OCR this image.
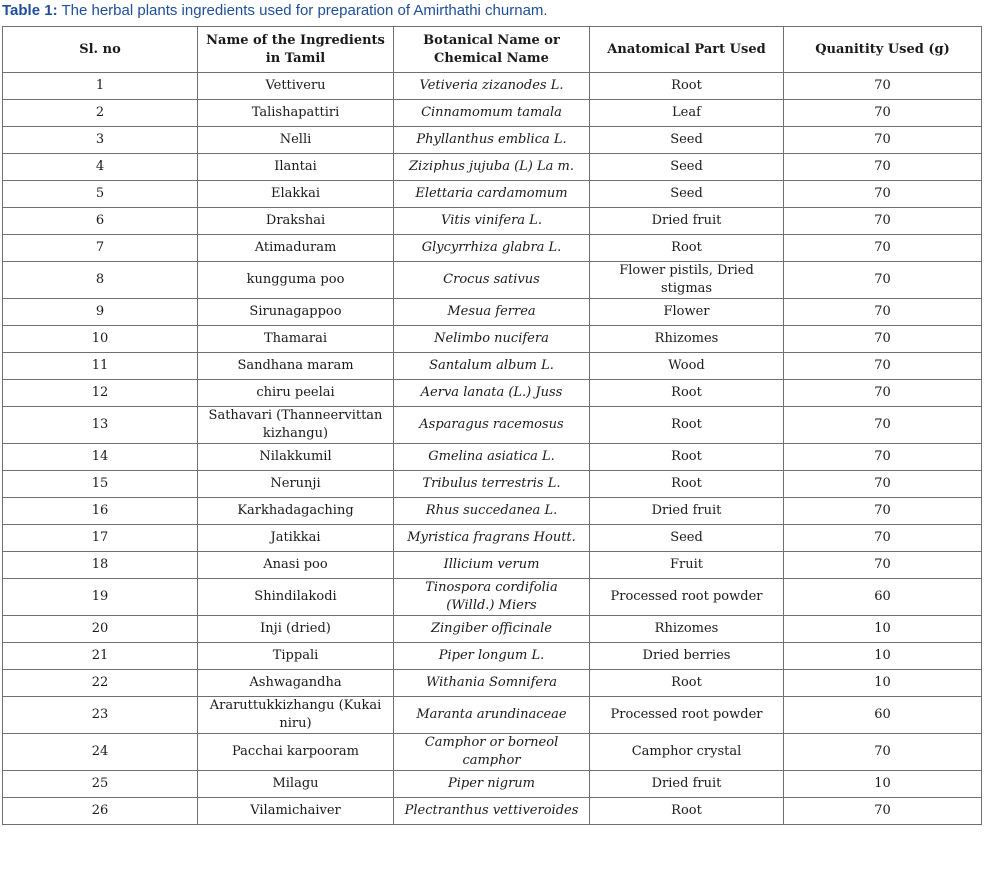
Table 1: The herbal plants ingredients used for preparation of Amirthathi churnam.
Sl. no	Name of the Ingredients in Tamil	Botanical Name or Chemical Name	Anatomical Part Used	Quanitity Used (g)
1	Vettiveru	Vetiveria zizanodes L.	Root	70
2	Talishapattiri	Cinnamomum tamala	Leaf	70
3	Nelli	Phyllanthus emblica L.	Seed	70
4	Ilantai	Ziziphus jujuba (L) La m.	Seed	70
5	Elakkai	Elettaria cardamomum	Seed	70
6	Drakshai	Vitis vinifera L.	Dried fruit	70
7	Atimaduram	Glycyrrhiza glabra L.	Root	70
8	kungguma poo	Crocus sativus	Flower pistils, Dried stigmas	70
9	Sirunagappoo	Mesua ferrea	Flower	70
10	Thamarai	Nelimbo nucifera	Rhizomes	70
11	Sandhana maram	Santalum album L.	Wood	70
12	chiru peelai	Aerva lanata (L.) Juss	Root	70
13	Sathavari (Thanneervittan kizhangu)	Asparagus racemosus	Root	70
14	Nilakkumil	Gmelina asiatica L.	Root	70
15	Nerunji	Tribulus terrestris L.	Root	70
16	Karkhadagaching	Rhus succedanea L.	Dried fruit	70
17	Jatikkai	Myristica fragrans Houtt.	Seed	70
18	Anasi poo	Illicium verum	Fruit	70
19	Shindilakodi	Tinospora cordifolia (Willd.) Miers	Processed root powder	60
20	Inji (dried)	Zingiber officinale	Rhizomes	10
21	Tippali	Piper longum L.	Dried berries	10
22	Ashwagandha	Withania Somnifera	Root	10
23	Araruttukkizhangu (Kukai niru)	Maranta arundinaceae	Processed root powder	60
24	Pacchai karpooram	Camphor or borneol camphor	Camphor crystal	70
25	Milagu	Piper nigrum	Dried fruit	10
26	Vilamichaiver	Plectranthus vettiveroides	Root	70
